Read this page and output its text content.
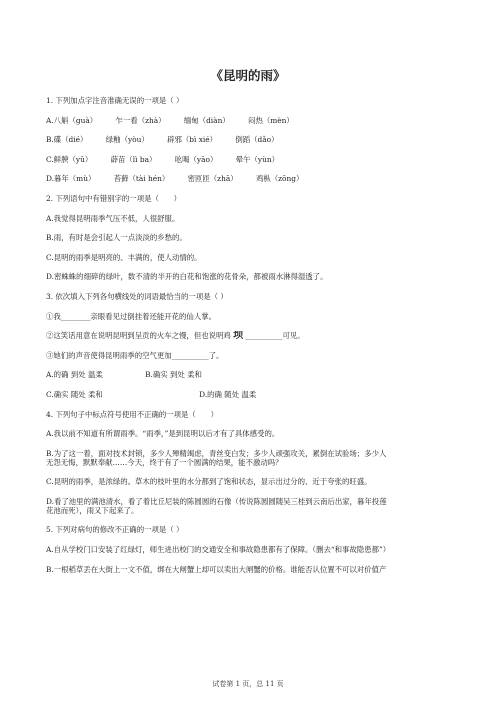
《昆明的雨》
1. 下列加点字注音准确无误的一项是（ ）
A.八斛（guà） 乍一看（zhà） 缅甸（diàn） 闷热（mèn）
B.碟（dié） 绿釉（yòu） 辟邪（bì xié） 倒蹈（dǎo）
C.鲜腴（yǔ） 薜苗（lì ba） 吆喝（yāo） 晕午（yùn）
D.暮年（mù） 苔藓（tài hén） 密匝匝（zhā） 鸡枞（zōng）
2. 下列语句中有错别字的一项是（　　）
A.我觉得昆明雨季气压不低，人很舒服。
B.雨，有时是会引起人一点淡淡的乡愁的。
C.昆明的雨季是明亮的、丰满的，使人动情的。
D.密蛛蛛的细碎的绿叶，数不清的半开的白花和饱涨的花骨朵，都被雨水淋得湿透了。
3. 依次填入下列各句横线处的词语最恰当的一项是（ ）
①我________亲眼看见过倒挂着还能开花的仙人掌。
②这笑话用意在说明昆明到呈贡的火车之慢，但也说明鸡 坝 __________可见。
③她们的声音使得昆明雨季的空气更加__________了。
A.的确 到处 温柔	B.确实 到处 柔和
C.确实 随处 柔和	D.的确 随处 温柔
4. 下列句子中标点符号使用不正确的一项是（　　）
A.我以前不知道有所谓雨季。“雨季，”是到昆明以后才有了具体感受的。
B.为了这一着，面对技术封锁，多少人殚精竭虑，青丝变白发；多少人顽强攻关，累倒在试验场；多少人
无怨无悔，默默奉献……今天，终于有了一个圆满的结果，能不激动吗？
C.昆明的雨季，是浓绿的。草木的枝叶里的水分都到了饱和状态，显示出过分的、近于夸张的旺盛。
D.看了池里的满池清水，看了着比丘尼装的陈圆圆的石像（传说陈圆圆随吴三桂到云南后出家，暮年投莲
花池而死），雨又下起来了。
5. 下列对病句的修改不正确的一项是（ ）
A.自从学校门口安装了红绿灯，师生进出校门的交通安全和事故隐患都有了保障。（删去“和事故隐患都”）
B.一根稻草丢在大街上一文不值，绑在大闸蟹上却可以卖出大闸蟹的价格。谁能否认位置不可以对价值产
试卷第 1 页，总 11 页
